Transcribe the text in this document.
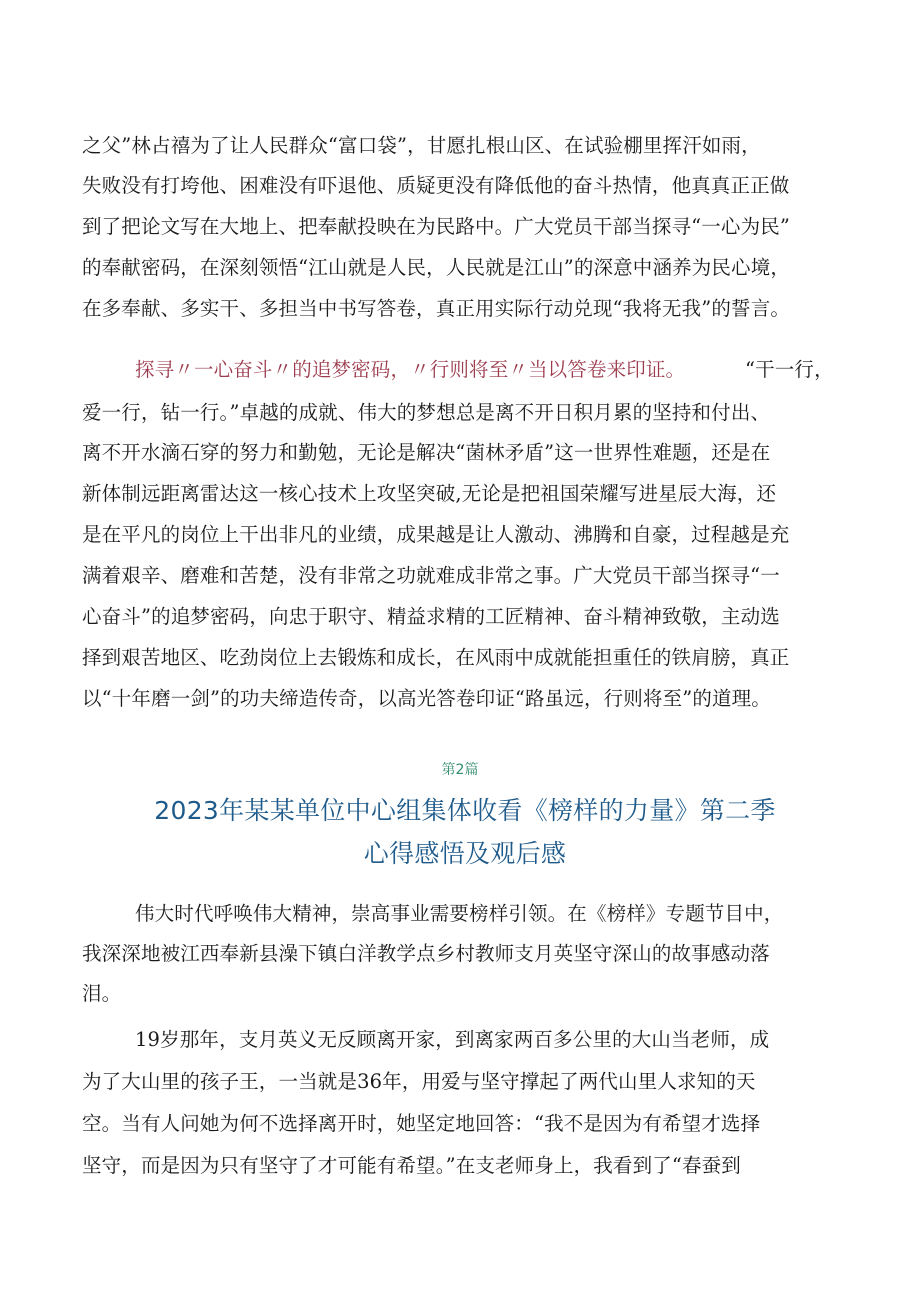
之父”林占禧为了让人民群众“富口袋”，甘愿扎根山区、在试验棚里挥汗如雨，
失败没有打垮他、困难没有吓退他、质疑更没有降低他的奋斗热情，他真真正正做
到了把论文写在大地上、把奉献投映在为民路中。广大党员干部当探寻“一心为民”
的奉献密码，在深刻领悟“江山就是人民，人民就是江山”的深意中涵养为民心境，
在多奉献、多实干、多担当中书写答卷，真正用实际行动兑现“我将无我”的誓言。
探寻〃一心奋斗〃的追梦密码，〃行则将至〃当以答卷来印证。	“干一行，
爱一行，钻一行。”卓越的成就、伟大的梦想总是离不开日积月累的坚持和付出、
离不开水滴石穿的努力和勤勉，无论是解决“菌林矛盾”这一世界性难题，还是在
新体制远距离雷达这一核心技术上攻坚突破,无论是把祖国荣耀写进星辰大海，还
是在平凡的岗位上干出非凡的业绩，成果越是让人激动、沸腾和自豪，过程越是充
满着艰辛、磨难和苦楚，没有非常之功就难成非常之事。广大党员干部当探寻“一
心奋斗”的追梦密码，向忠于职守、精益求精的工匠精神、奋斗精神致敬，主动选
择到艰苦地区、吃劲岗位上去锻炼和成长，在风雨中成就能担重任的铁肩膀，真正
以“十年磨一剑”的功夫缔造传奇，以高光答卷印证“路虽远，行则将至”的道理。
第2篇
2023年某某单位中心组集体收看《榜样的力量》第二季
心得感悟及观后感
伟大时代呼唤伟大精神，崇高事业需要榜样引领。在《榜样》专题节目中，
我深深地被江西奉新县澡下镇白洋教学点乡村教师支月英坚守深山的故事感动落
泪。
19岁那年，支月英义无反顾离开家，到离家两百多公里的大山当老师，成
为了大山里的孩子王，一当就是36年，用爱与坚守撑起了两代山里人求知的天
空。当有人问她为何不选择离开时，她坚定地回答：“我不是因为有希望才选择
坚守，而是因为只有坚守了才可能有希望。”在支老师身上，我看到了“春蚕到
